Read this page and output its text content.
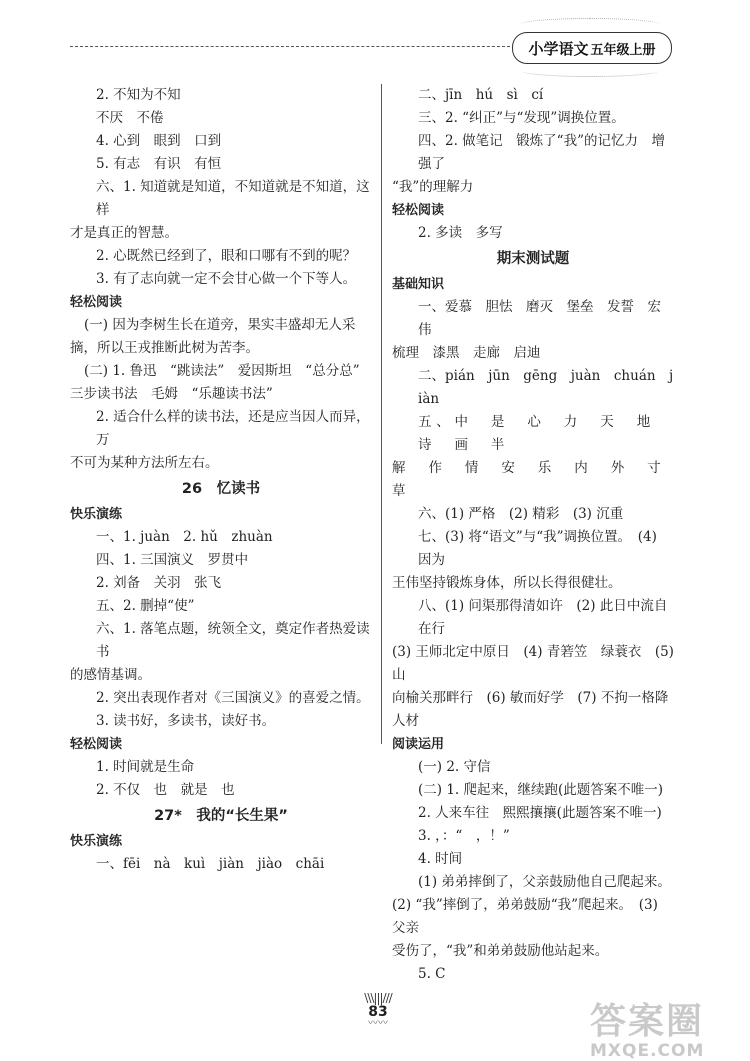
小学语文 五年级上册
2. 不知为不知
不厌　不倦
4. 心到　眼到　口到
5. 有志　有识　有恒
六、1. 知道就是知道，不知道就是不知道，这样
才是真正的智慧。
2. 心既然已经到了，眼和口哪有不到的呢？
3. 有了志向就一定不会甘心做一个下等人。
轻松阅读
(一) 因为李树生长在道旁，果实丰盛却无人采
摘，所以王戎推断此树为苦李。
(二) 1. 鲁迅　“跳读法”　爱因斯坦　“总分总”
三步读书法　毛姆　“乐趣读书法”
2. 适合什么样的读书法，还是应当因人而异，万
不可为某种方法所左右。
26　忆读书
快乐演练
一、1. juàn　2. hǔ　zhuàn
四、1. 三国演义　罗贯中
2. 刘备　关羽　张飞
五、2. 删掉“使”
六、1. 落笔点题，统领全文，奠定作者热爱读书
的感情基调。
2. 突出表现作者对《三国演义》的喜爱之情。
3. 读书好，多读书，读好书。
轻松阅读
1. 时间就是生命
2. 不仅　也　就是　也
27*　我的“长生果”
快乐演练
一、fēi　nà　kuì　jiàn　jiào　chāi
二、jīn　hú　sì　cí
三、2. “纠正”与“发现”调换位置。
四、2. 做笔记　锻炼了“我”的记忆力　增强了
“我”的理解力
轻松阅读
2. 多读　多写
期末测试题
基础知识
一、爱慕　胆怯　磨灭　堡垒　发誓　宏伟
梳理　漆黑　走廊　启迪
二、pián　jūn　gēng　juàn　chuán　jiàn
五、中　是　心　力　天　地　诗　画　半
解　作　情　安　乐　内　外　寸　草
六、(1) 严格　(2) 精彩　(3) 沉重
七、(3) 将“语文”与“我”调换位置。　(4) 因为
王伟坚持锻炼身体，所以长得很健壮。
八、(1) 问渠那得清如许　(2) 此日中流自在行
(3) 王师北定中原日　(4) 青箬笠　绿蓑衣　(5) 山
向榆关那畔行　(6) 敏而好学　(7) 不拘一格降人材
阅读运用
(一) 2. 守信
(二) 1. 爬起来，继续跑(此题答案不唯一)
2. 人来车往　熙熙攘攘(此题答案不唯一)
3. ，：“　，！”
4. 时间
(1) 弟弟摔倒了，父亲鼓励他自己爬起来。
(2) “我”摔倒了，弟弟鼓励“我”爬起来。　(3) 父亲
受伤了，“我”和弟弟鼓励他站起来。
5. C
\\\|||///
83
〰〰	答案圈
MXQE.COM
